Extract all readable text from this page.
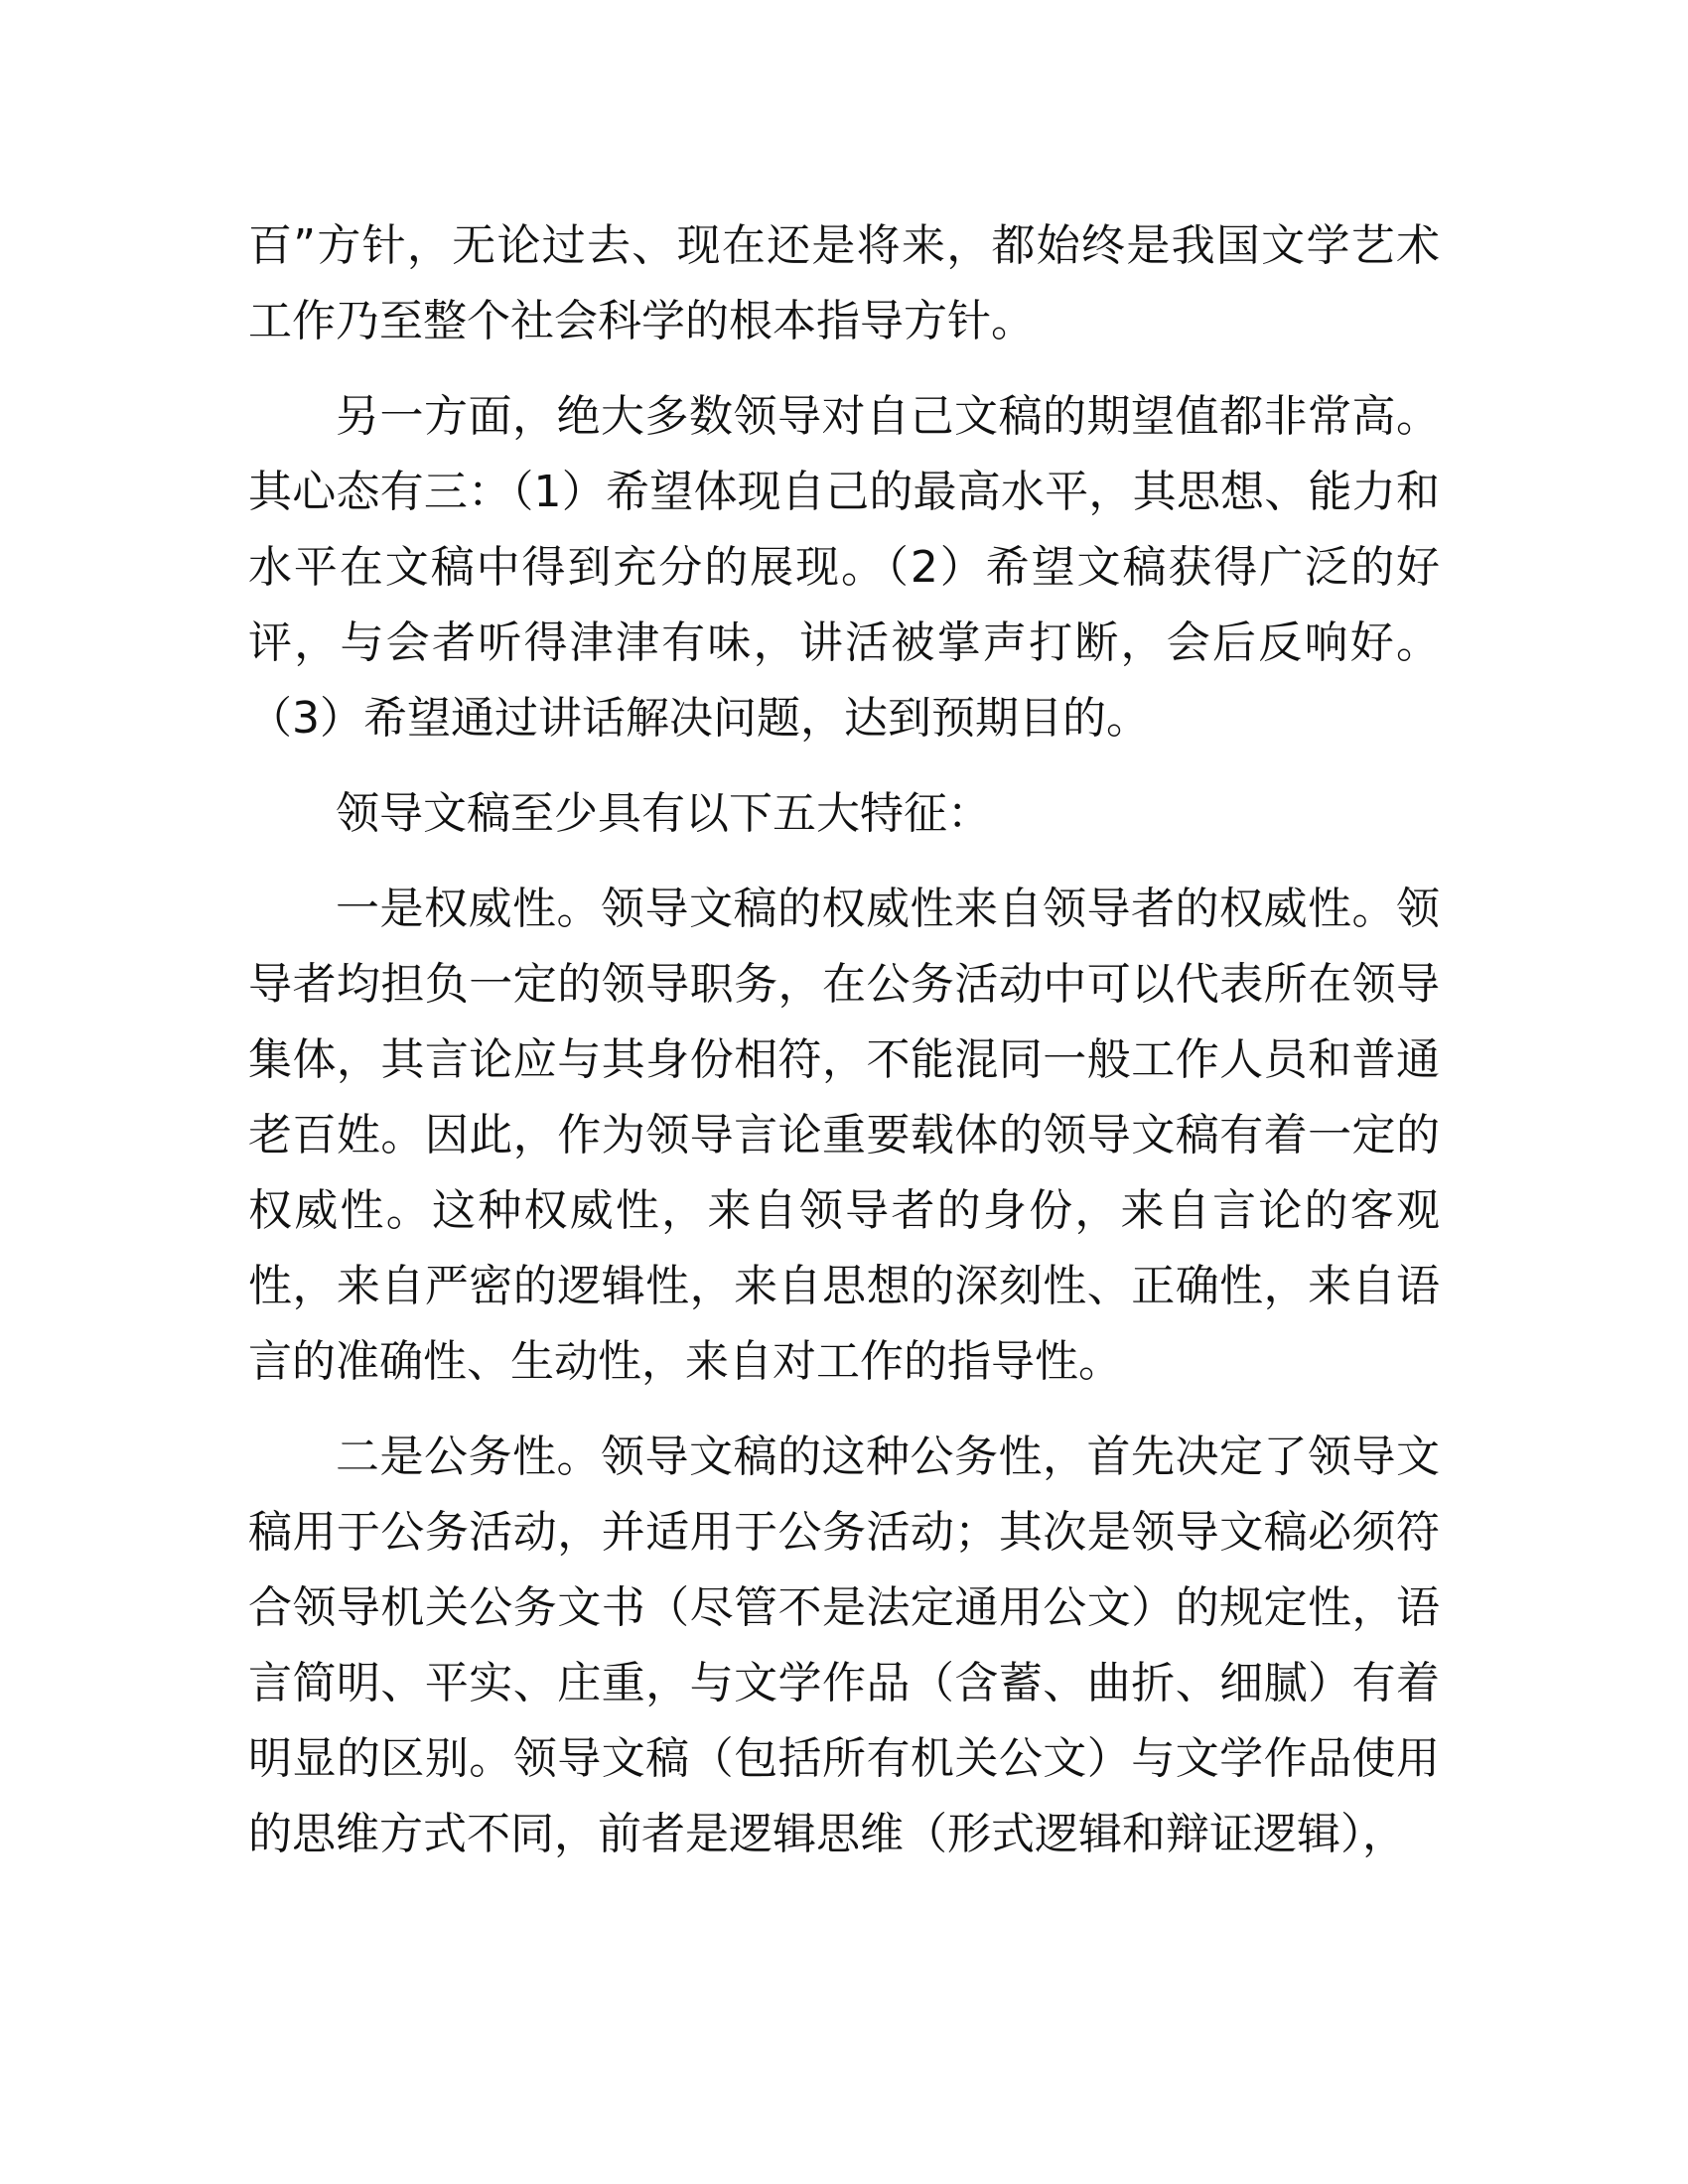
百”方针，无论过去、现在还是将来，都始终是我国文学艺术工作乃至整个社会科学的根本指导方针。

另一方面，绝大多数领导对自己文稿的期望值都非常高。其心态有三：（1）希望体现自己的最高水平，其思想、能力和水平在文稿中得到充分的展现。（2）希望文稿获得广泛的好评，与会者听得津津有味，讲活被掌声打断，会后反响好。（3）希望通过讲话解决问题，达到预期目的。

领导文稿至少具有以下五大特征：

一是权威性。领导文稿的权威性来自领导者的权威性。领导者均担负一定的领导职务，在公务活动中可以代表所在领导集体，其言论应与其身份相符，不能混同一般工作人员和普通老百姓。因此，作为领导言论重要载体的领导文稿有着一定的权威性。这种权威性，来自领导者的身份，来自言论的客观性，来自严密的逻辑性，来自思想的深刻性、正确性，来自语言的准确性、生动性，来自对工作的指导性。

二是公务性。领导文稿的这种公务性，首先决定了领导文稿用于公务活动，并适用于公务活动；其次是领导文稿必须符合领导机关公务文书（尽管不是法定通用公文）的规定性，语言简明、平实、庄重，与文学作品（含蓄、曲折、细腻）有着明显的区别。领导文稿（包括所有机关公文）与文学作品使用的思维方式不同，前者是逻辑思维（形式逻辑和辩证逻辑），
